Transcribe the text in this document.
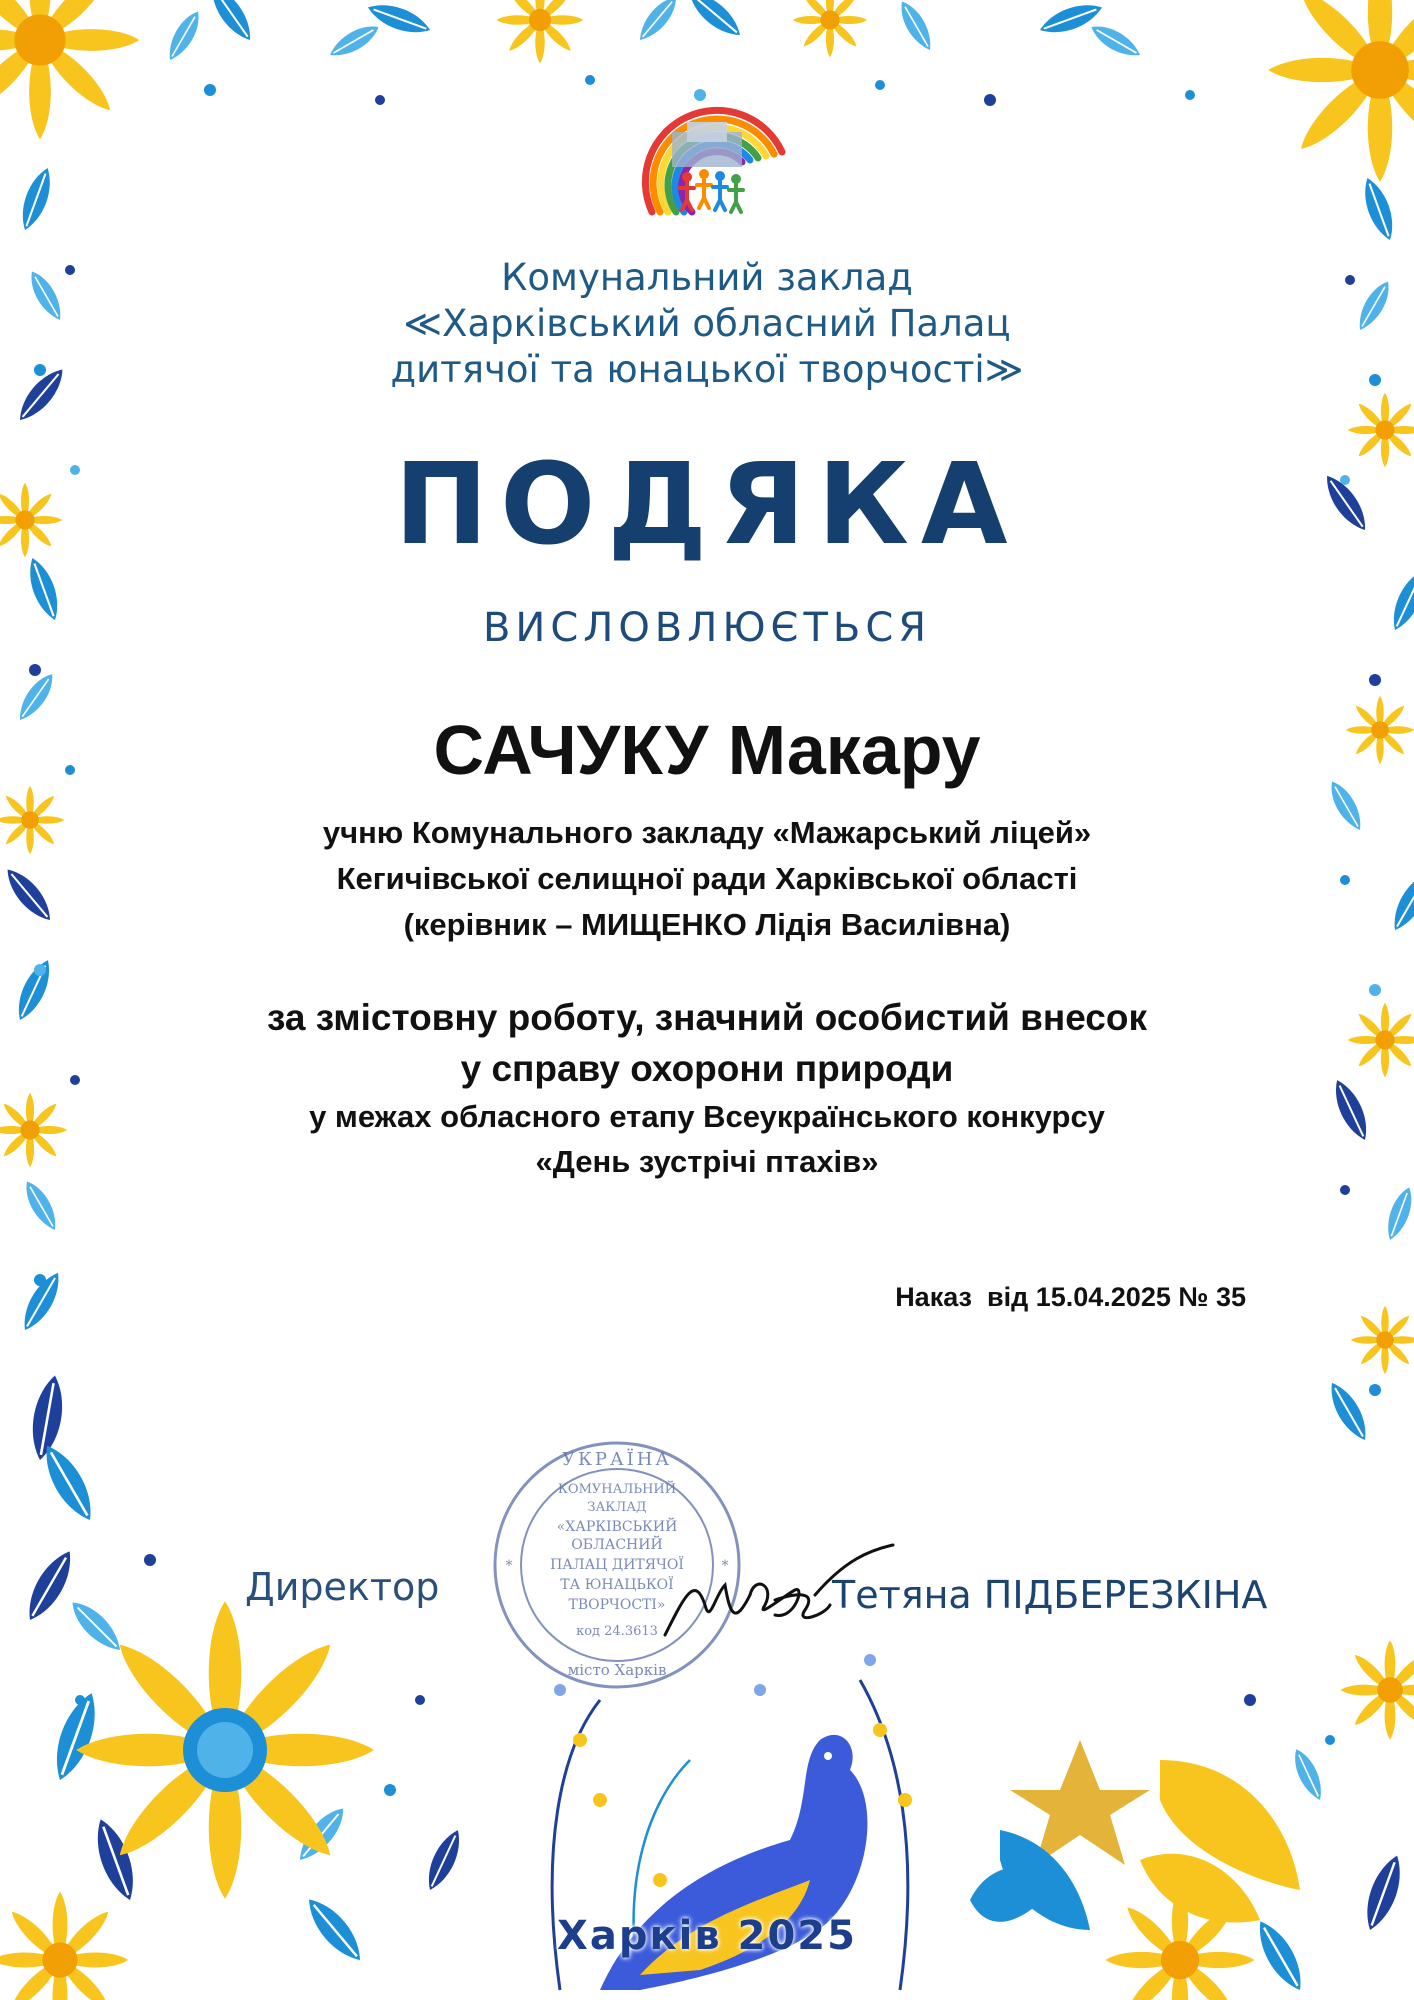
Комунальний заклад
≪Харківський обласний Палац
дитячої та юнацької творчості≫
ПОДЯКА
ВИСЛОВЛЮЄТЬСЯ
САЧУКУ Макару
учню Комунального закладу «Мажарський ліцей»
Кегичівської селищної ради Харківської області
(керівник – МИЩЕНКО Лідія Василівна)
за змістовну роботу, значний особистий внесок
у справу охорони природи
у межах обласного етапу Всеукраїнського конкурсу
«День зустрічі птахів»
Наказ  від 15.04.2025 № 35
УКРАЇНА
КОМУНАЛЬНИЙ
ЗАКЛАД
«ХАРКІВСЬКИЙ
ОБЛАСНИЙ
ПАЛАЦ ДИТЯЧОЇ
ТА ЮНАЦЬКОЇ
ТВОРЧОСТІ»
код 24.3613
місто Харків
*	*
Директор	Тетяна ПІДБЕРЕЗКІНА
Харків 2025
